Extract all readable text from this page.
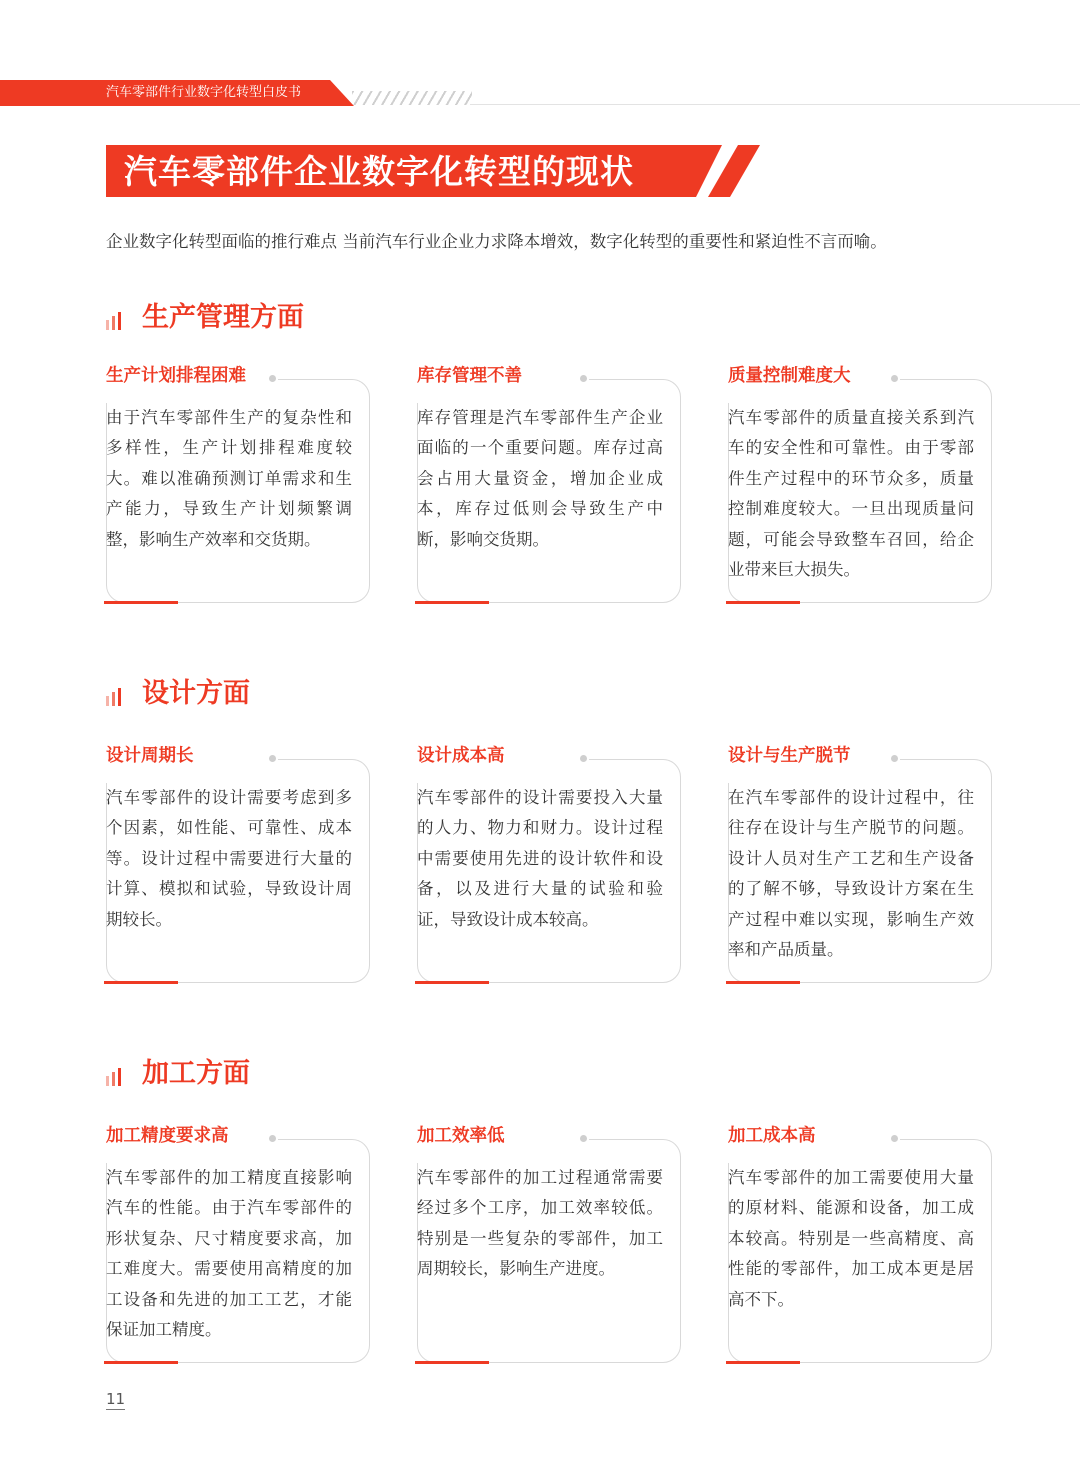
汽车零部件行业数字化转型白皮书
汽车零部件企业数字化转型的现状
企业数字化转型面临的推行难点 当前汽车行业企业力求降本增效，数字化转型的重要性和紧迫性不言而喻。
生产管理方面
生产计划排程困难
由于汽车零部件生产的复杂性和多样性，生产计划排程难度较大。难以准确预测订单需求和生产能力，导致生产计划频繁调整，影响生产效率和交货期。
库存管理不善
库存管理是汽车零部件生产企业面临的一个重要问题。库存过高会占用大量资金，增加企业成本，库存过低则会导致生产中断，影响交货期。
质量控制难度大
汽车零部件的质量直接关系到汽车的安全性和可靠性。由于零部件生产过程中的环节众多，质量控制难度较大。一旦出现质量问题，可能会导致整车召回，给企业带来巨大损失。
设计方面
设计周期长
汽车零部件的设计需要考虑到多个因素，如性能、可靠性、成本等。设计过程中需要进行大量的计算、模拟和试验，导致设计周期较长。
设计成本高
汽车零部件的设计需要投入大量的人力、物力和财力。设计过程中需要使用先进的设计软件和设备，以及进行大量的试验和验证，导致设计成本较高。
设计与生产脱节
在汽车零部件的设计过程中，往往存在设计与生产脱节的问题。设计人员对生产工艺和生产设备的了解不够，导致设计方案在生产过程中难以实现，影响生产效率和产品质量。
加工方面
加工精度要求高
汽车零部件的加工精度直接影响汽车的性能。由于汽车零部件的形状复杂、尺寸精度要求高，加工难度大。需要使用高精度的加工设备和先进的加工工艺，才能保证加工精度。
加工效率低
汽车零部件的加工过程通常需要经过多个工序，加工效率较低。特别是一些复杂的零部件，加工周期较长，影响生产进度。
加工成本高
汽车零部件的加工需要使用大量的原材料、能源和设备，加工成本较高。特别是一些高精度、高性能的零部件，加工成本更是居高不下。
11
